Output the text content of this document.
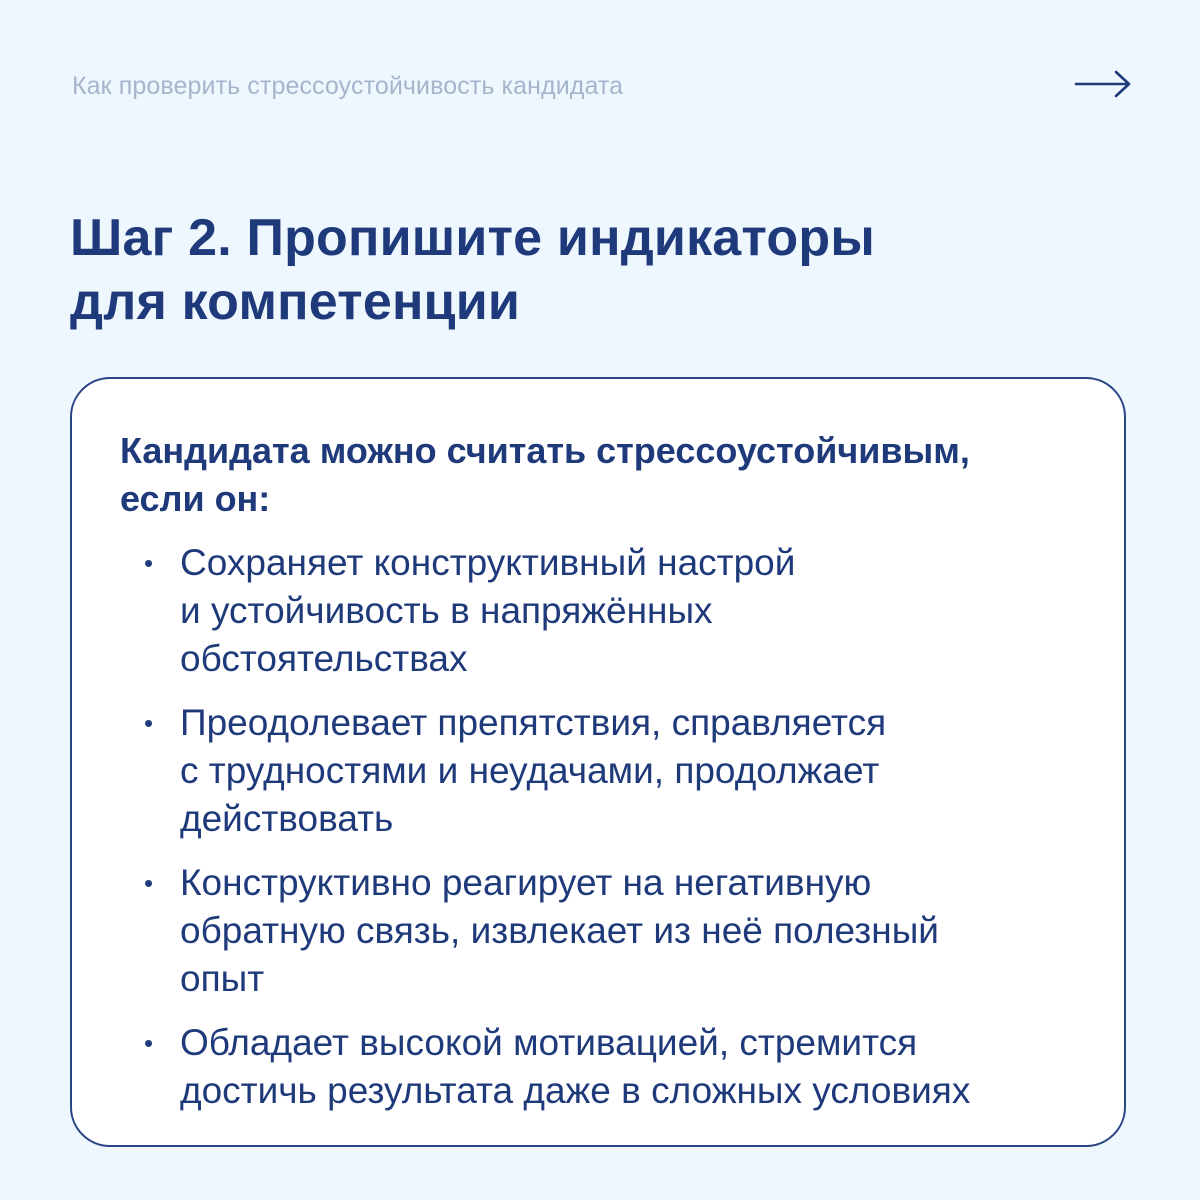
Как проверить стрессоустойчивость кандидата
Шаг 2. Пропишите индикаторы
для компетенции
Кандидата можно считать стрессоустойчивым,
если он:
• Сохраняет конструктивный настрой
и устойчивость в напряжённых
обстоятельствах
• Преодолевает препятствия, справляется
с трудностями и неудачами, продолжает
действовать
• Конструктивно реагирует на негативную
обратную связь, извлекает из неё полезный
опыт
• Обладает высокой мотивацией, стремится
достичь результата даже в сложных условиях
